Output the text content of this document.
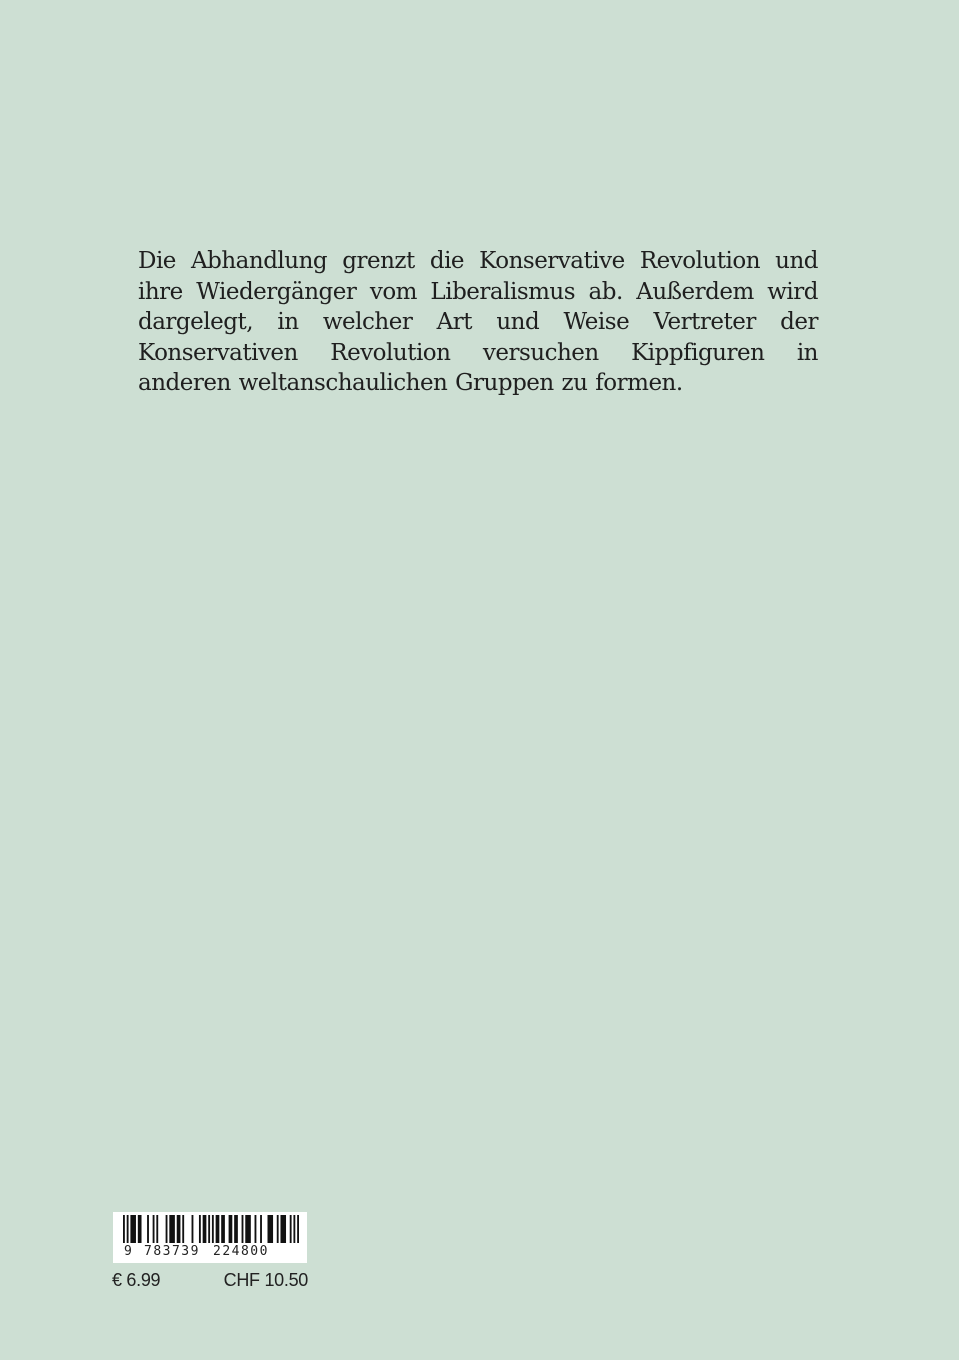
Die Abhandlung grenzt die Konservative Revolution und ihre Wiedergänger vom Liberalismus ab. Außerdem wird dargelegt, in welcher Art und Weise Vertreter der Konservativen Revolution versuchen Kippfiguren in anderen weltanschaulichen Gruppen zu formen.
9 783739 224800
€ 6.99	CHF 10.50
